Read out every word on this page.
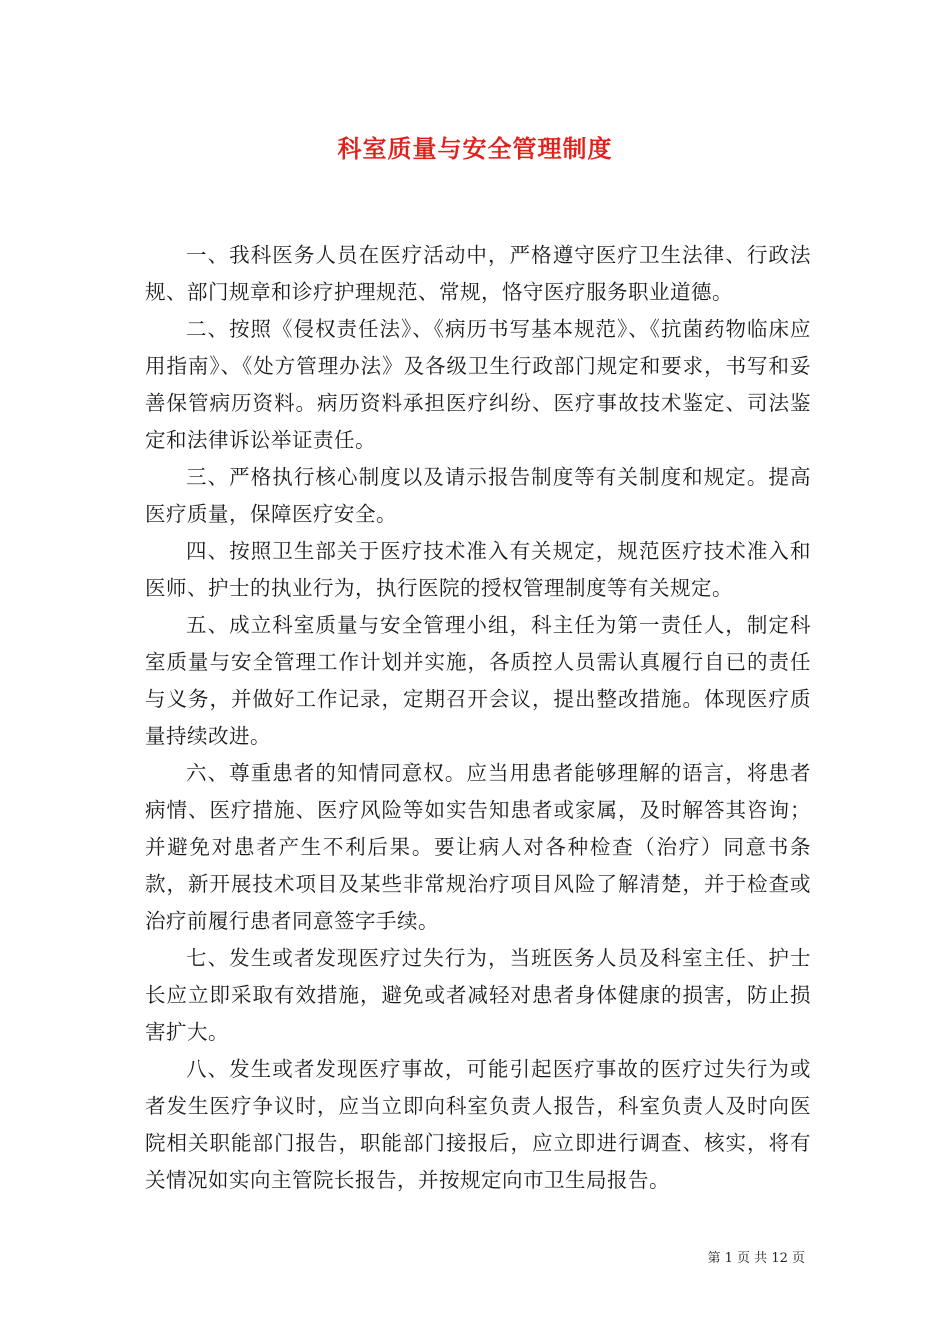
科室质量与安全管理制度

一、我科医务人员在医疗活动中，严格遵守医疗卫生法律、行政法规、部门规章和诊疗护理规范、常规，恪守医疗服务职业道德。

二、按照《侵权责任法》、《病历书写基本规范》、《抗菌药物临床应用指南》、《处方管理办法》及各级卫生行政部门规定和要求，书写和妥善保管病历资料。病历资料承担医疗纠纷、医疗事故技术鉴定、司法鉴定和法律诉讼举证责任。

三、严格执行核心制度以及请示报告制度等有关制度和规定。提高医疗质量，保障医疗安全。

四、按照卫生部关于医疗技术准入有关规定，规范医疗技术准入和医师、护士的执业行为，执行医院的授权管理制度等有关规定。

五、成立科室质量与安全管理小组，科主任为第一责任人，制定科室质量与安全管理工作计划并实施，各质控人员需认真履行自已的责任与义务，并做好工作记录，定期召开会议，提出整改措施。体现医疗质量持续改进。

六、尊重患者的知情同意权。应当用患者能够理解的语言，将患者病情、医疗措施、医疗风险等如实告知患者或家属，及时解答其咨询；并避免对患者产生不利后果。要让病人对各种检查（治疗）同意书条款，新开展技术项目及某些非常规治疗项目风险了解清楚，并于检查或治疗前履行患者同意签字手续。

七、发生或者发现医疗过失行为，当班医务人员及科室主任、护士长应立即采取有效措施，避免或者减轻对患者身体健康的损害，防止损害扩大。

八、发生或者发现医疗事故，可能引起医疗事故的医疗过失行为或者发生医疗争议时，应当立即向科室负责人报告，科室负责人及时向医院相关职能部门报告，职能部门接报后，应立即进行调查、核实，将有关情况如实向主管院长报告，并按规定向市卫生局报告。

第 1 页 共 12 页
